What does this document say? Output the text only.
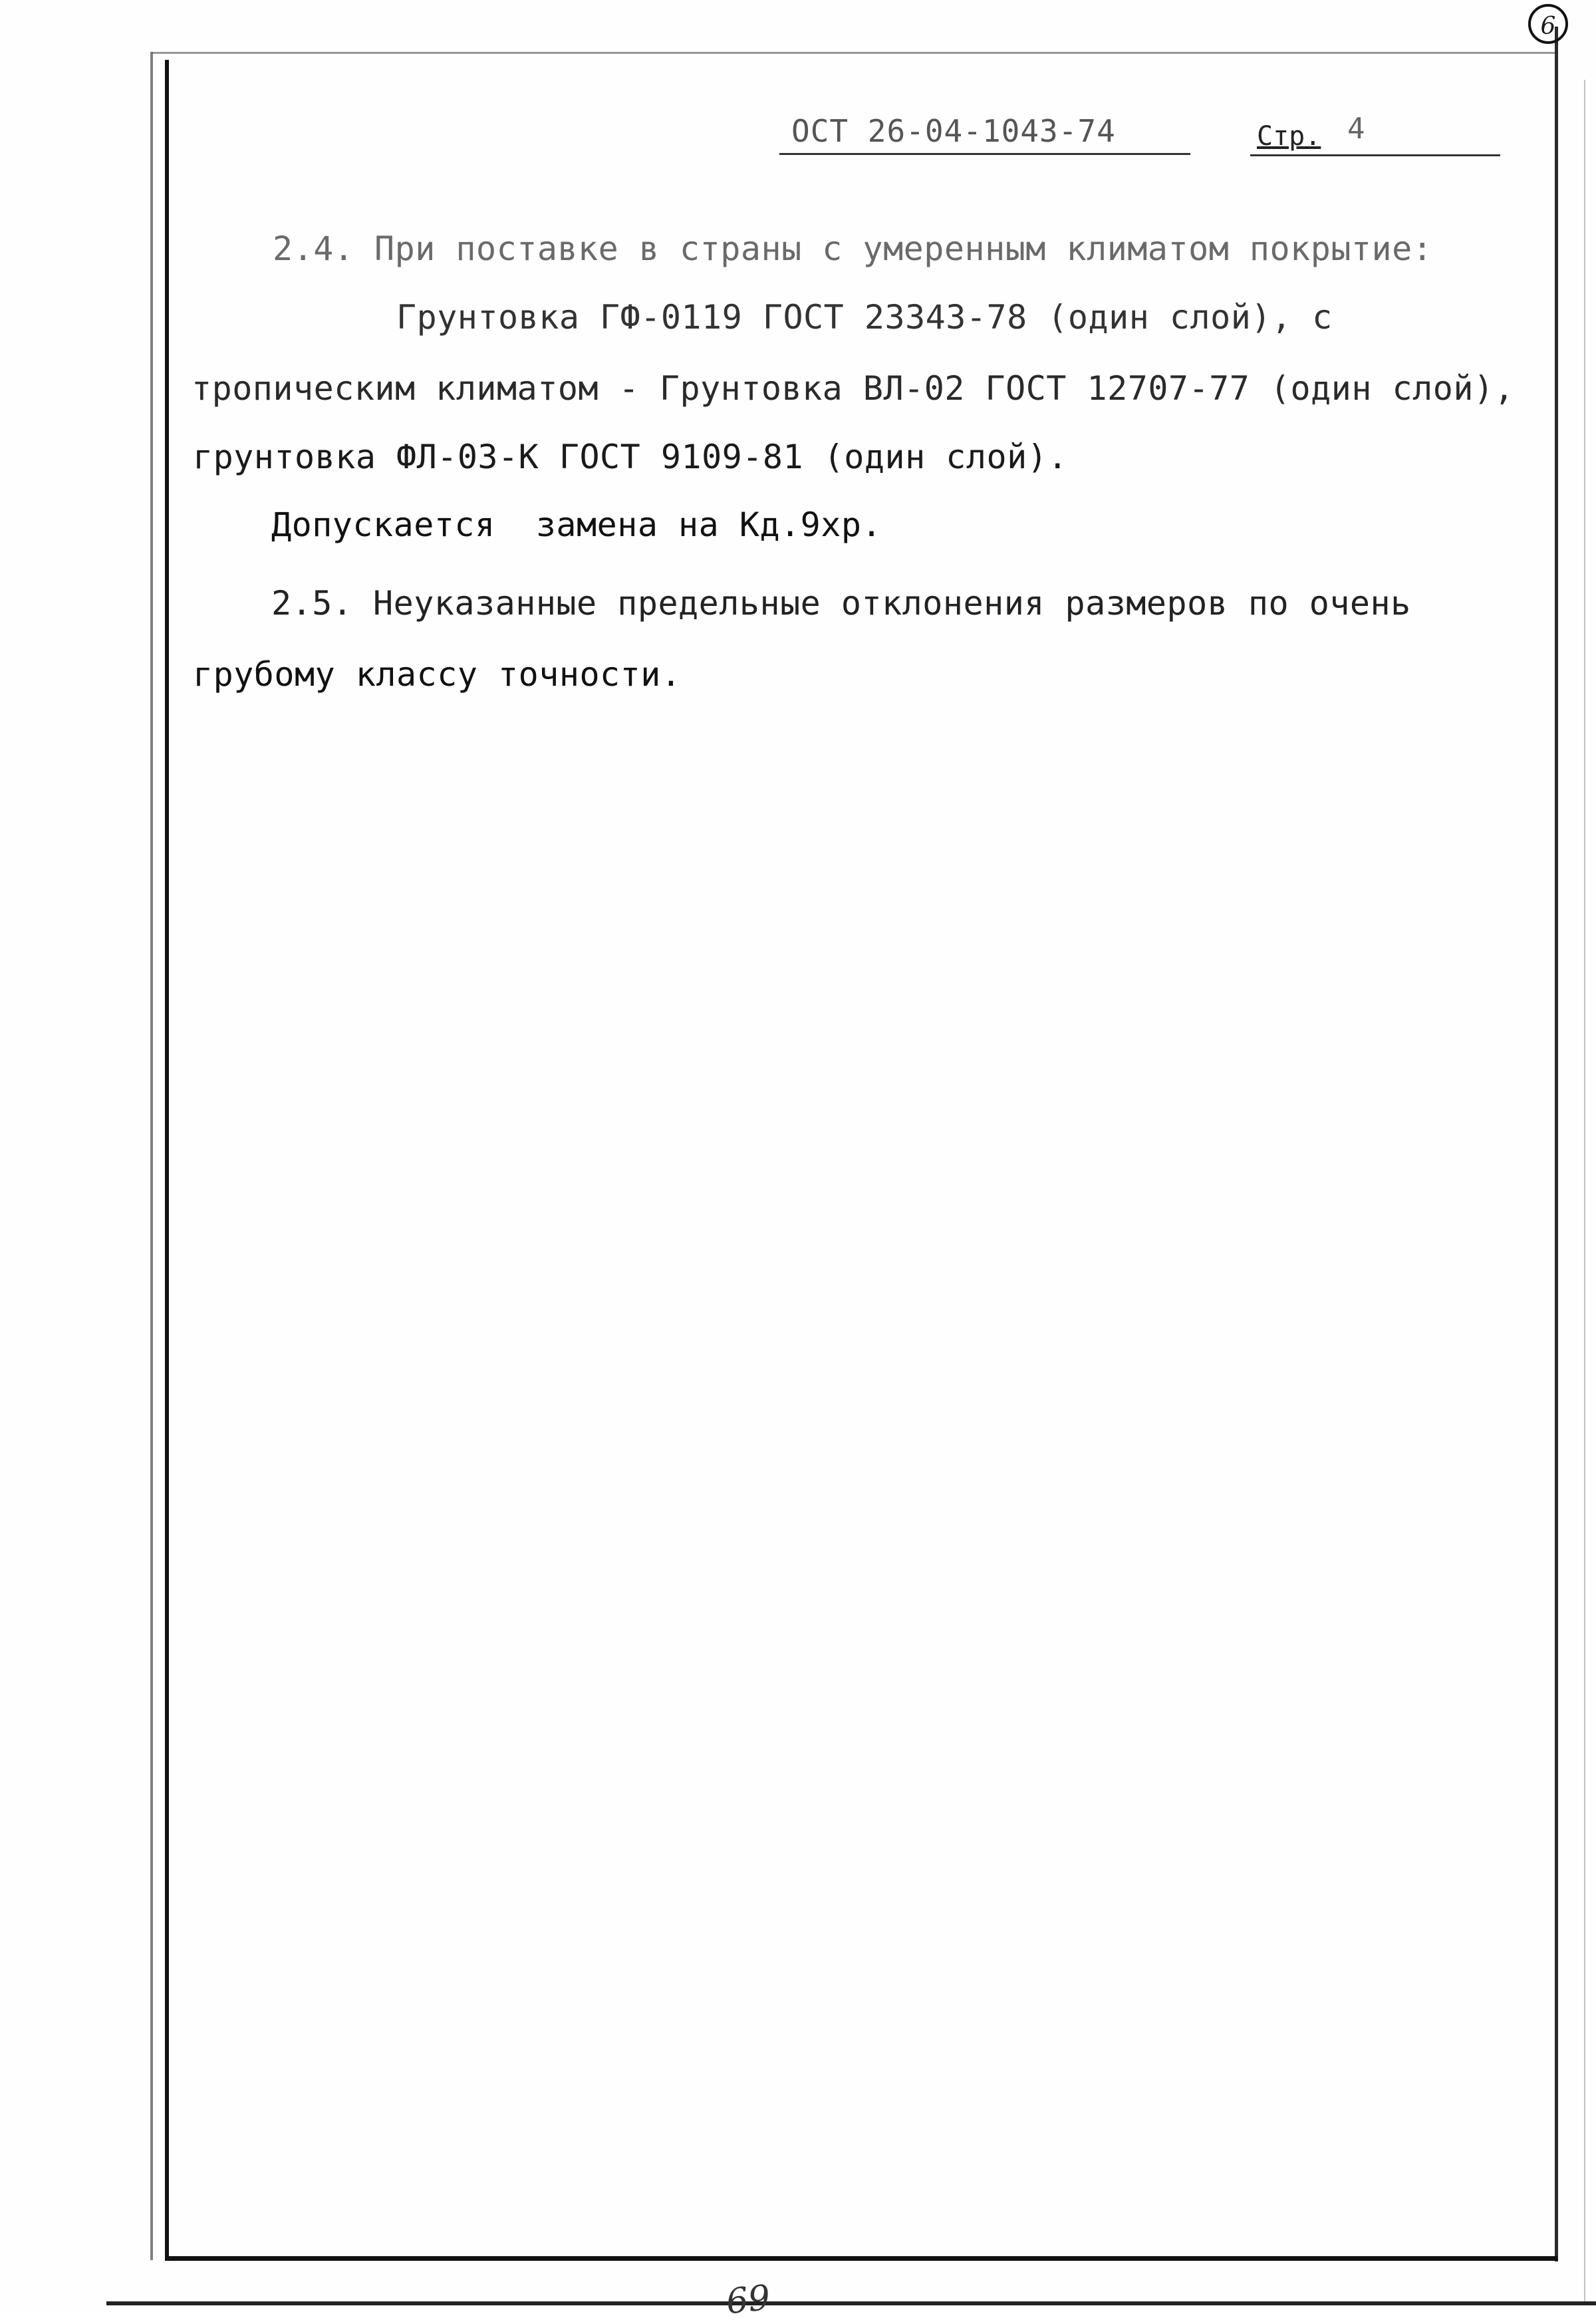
6
ОСТ 26-04-1043-74	Стр. 4
2.4. При поставке в страны с умеренным климатом покрытие:
Грунтовка ГФ-0119 ГОСТ 23343-78 (один слой), с
тропическим климатом - Грунтовка ВЛ-02 ГОСТ 12707-77 (один слой),
грунтовка ФЛ-03-К ГОСТ 9109-81 (один слой).
Допускается  замена на Кд.9хр.
2.5. Неуказанные предельные отклонения размеров по очень
грубому классу точности.
69
